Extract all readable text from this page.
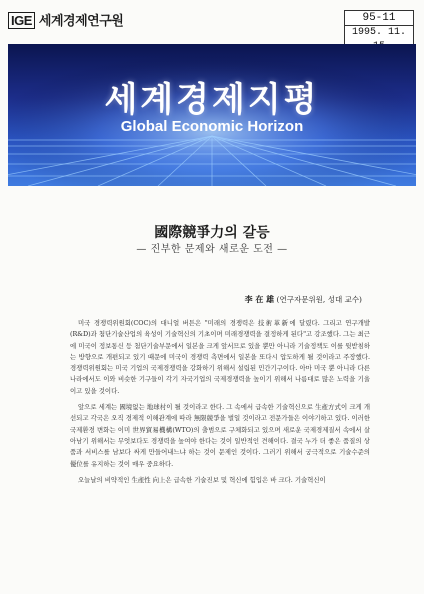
IGE 세계경제연구원	95-11
1995. 11.
세계경제지평
Global Economic Horizon
國際競爭力의 갈등
— 진부한 문제와 새로운 도전 —
李 在 雄 (연구자문위원, 성대 교수)

미국 경쟁력위원회(COC)의 대니얼 버튼은 "미래의 경쟁력은 技術革新에 달렸다. 그리고 연구개발(R&D)과 첨단기술산업의 육성이 기술혁신의 기초이며 미래경쟁력을 결정하게 된다"고 강조했다. 그는 최근에 미국이 정보통신 등 첨단기술부문에서 일본을 크게 앞서므로 있을 뿐만 아니라 기술정책도 이를 뒷받침하는 방향으로 개편되고 있기 때문에 미국이 경쟁력 측면에서 일본을 또다시 압도하게 될 것이라고 주장했다. 경쟁력위원회는 미국 기업의 국제경쟁력을 강화하기 위해서 설립된 민간기구이다. 아마 미국 뿐 아니라 다른 나라에서도 이와 비슷한 기구들이 각기 자국기업의 국제경쟁력을 높이기 위해서 나름대로 많은 노력을 기울이고 있을 것이다.

앞으로 세계는 國境없는 地球村이 될 것이라고 한다. 그 속에서 급속한 기술혁신으로 生產方式이 크게 개선되고 각국은 오직 경제적 이해관계에 따라 無限競爭을 벌일 것이라고 전문가들은 이야기하고 있다. 이러한 국제환경 변화는 이미 世界貿易機構(WTO)의 출범으로 구체화되고 있으며 새로운 국제경제질서 속에서 살아남기 위해서는 무엇보다도 경쟁력을 높여야 한다는 것이 일반적인 견해이다. 결국 누가 더 좋은 품질의 상품과 서비스를 남보다 싸게 만들어내느냐 하는 것이 문제인 것이다. 그러기 위해서 궁극적으로 기술수준의 優位를 유지하는 것이 매우 중요하다.

오늘날의 비약적인 生產性 向上은 급속한 기술진보 및 혁신에 힘입은 바 크다. 기술혁신이
